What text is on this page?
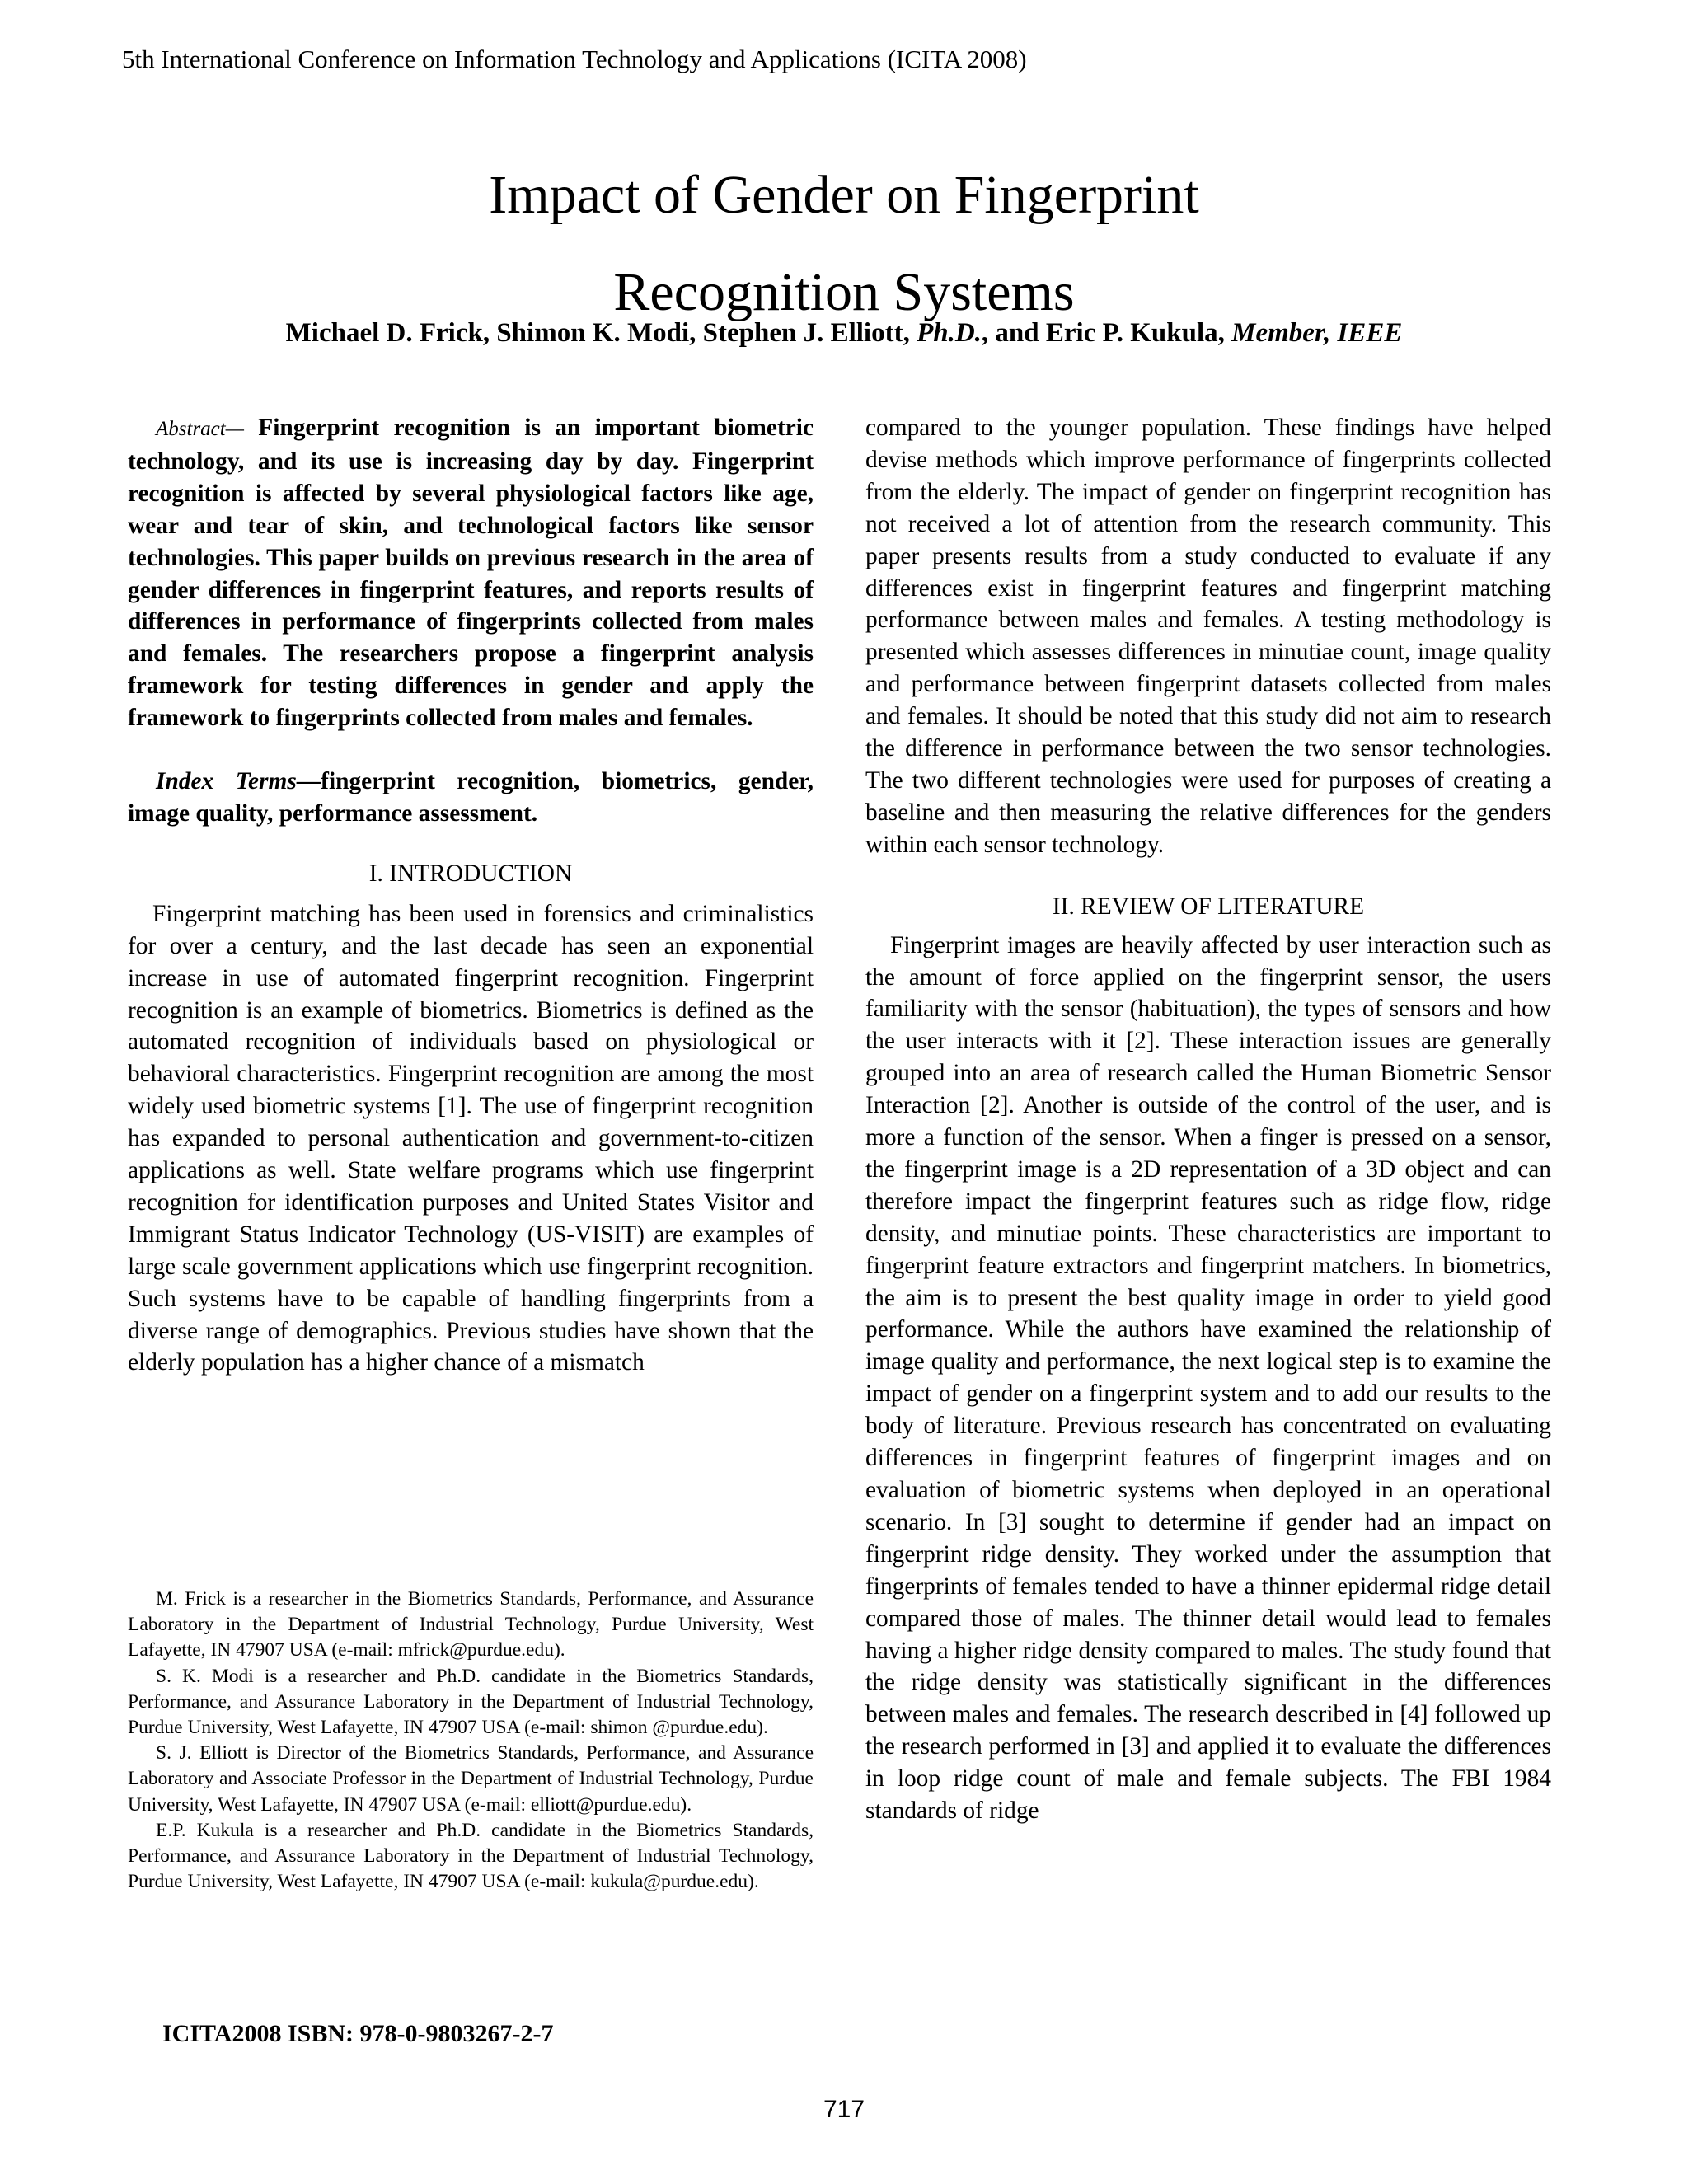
5th International Conference on Information Technology and Applications (ICITA 2008)
Impact of Gender on Fingerprint
Recognition Systems
Michael D. Frick, Shimon K. Modi, Stephen J. Elliott, Ph.D., and Eric P. Kukula, Member, IEEE

Abstract— Fingerprint recognition is an important biometric technology, and its use is increasing day by day. Fingerprint recognition is affected by several physiological factors like age, wear and tear of skin, and technological factors like sensor technologies. This paper builds on previous research in the area of gender differences in fingerprint features, and reports results of differences in performance of fingerprints collected from males and females. The researchers propose a fingerprint analysis framework for testing differences in gender and apply the framework to fingerprints collected from males and females.

Index Terms—fingerprint recognition, biometrics, gender, image quality, performance assessment.

I. INTRODUCTION

Fingerprint matching has been used in forensics and criminalistics for over a century, and the last decade has seen an exponential increase in use of automated fingerprint recognition. Fingerprint recognition is an example of biometrics. Biometrics is defined as the automated recognition of individuals based on physiological or behavioral characteristics. Fingerprint recognition are among the most widely used biometric systems [1]. The use of fingerprint recognition has expanded to personal authentication and government-to-citizen applications as well. State welfare programs which use fingerprint recognition for identification purposes and United States Visitor and Immigrant Status Indicator Technology (US-VISIT) are examples of large scale government applications which use fingerprint recognition. Such systems have to be capable of handling fingerprints from a diverse range of demographics. Previous studies have shown that the elderly population has a higher chance of a mismatch

compared to the younger population. These findings have helped devise methods which improve performance of fingerprints collected from the elderly. The impact of gender on fingerprint recognition has not received a lot of attention from the research community. This paper presents results from a study conducted to evaluate if any differences exist in fingerprint features and fingerprint matching performance between males and females. A testing methodology is presented which assesses differences in minutiae count, image quality and performance between fingerprint datasets collected from males and females. It should be noted that this study did not aim to research the difference in performance between the two sensor technologies. The two different technologies were used for purposes of creating a baseline and then measuring the relative differences for the genders within each sensor technology.

II. REVIEW OF LITERATURE

Fingerprint images are heavily affected by user interaction such as the amount of force applied on the fingerprint sensor, the users familiarity with the sensor (habituation), the types of sensors and how the user interacts with it [2]. These interaction issues are generally grouped into an area of research called the Human Biometric Sensor Interaction [2]. Another is outside of the control of the user, and is more a function of the sensor. When a finger is pressed on a sensor, the fingerprint image is a 2D representation of a 3D object and can therefore impact the fingerprint features such as ridge flow, ridge density, and minutiae points. These characteristics are important to fingerprint feature extractors and fingerprint matchers. In biometrics, the aim is to present the best quality image in order to yield good performance. While the authors have examined the relationship of image quality and performance, the next logical step is to examine the impact of gender on a fingerprint system and to add our results to the body of literature. Previous research has concentrated on evaluating differences in fingerprint features of fingerprint images and on evaluation of biometric systems when deployed in an operational scenario. In [3] sought to determine if gender had an impact on fingerprint ridge density. They worked under the assumption that fingerprints of females tended to have a thinner epidermal ridge detail compared those of males. The thinner detail would lead to females having a higher ridge density compared to males. The study found that the ridge density was statistically significant in the differences between males and females. The research described in [4] followed up the research performed in [3] and applied it to evaluate the differences in loop ridge count of male and female subjects. The FBI 1984 standards of ridge

M. Frick is a researcher in the Biometrics Standards, Performance, and Assurance Laboratory in the Department of Industrial Technology, Purdue University, West Lafayette, IN 47907 USA (e-mail: mfrick@purdue.edu).

S. K. Modi is a researcher and Ph.D. candidate in the Biometrics Standards, Performance, and Assurance Laboratory in the Department of Industrial Technology, Purdue University, West Lafayette, IN 47907 USA (e-mail: shimon @purdue.edu).

S. J. Elliott is Director of the Biometrics Standards, Performance, and Assurance Laboratory and Associate Professor in the Department of Industrial Technology, Purdue University, West Lafayette, IN 47907 USA (e-mail: elliott@purdue.edu).

E.P. Kukula is a researcher and Ph.D. candidate in the Biometrics Standards, Performance, and Assurance Laboratory in the Department of Industrial Technology, Purdue University, West Lafayette, IN 47907 USA (e-mail: kukula@purdue.edu).

ICITA2008 ISBN: 978-0-9803267-2-7
717
